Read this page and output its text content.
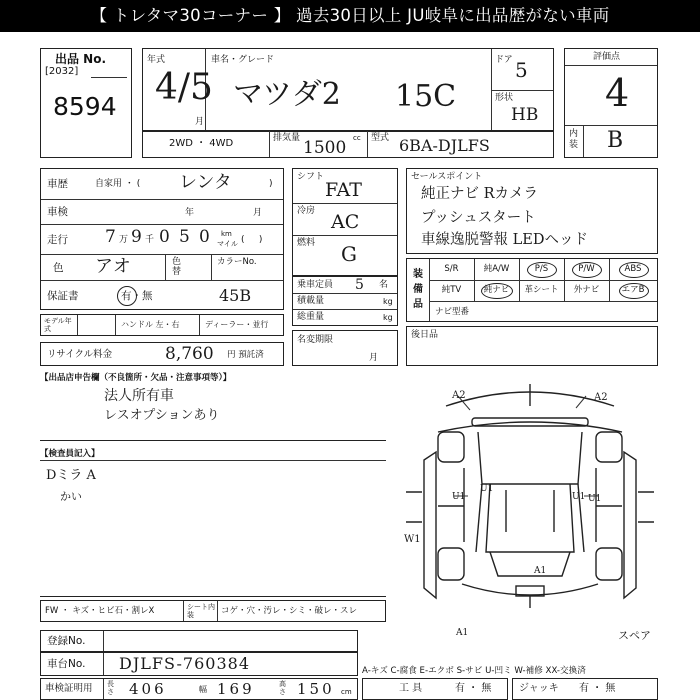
【 トレタマ30コーナー 】 過去30日以上 JU岐阜に出品歴がない車両
出品 No.
[2032]
8594
年式
4/5
月
車名・グレード
マツダ2 15C
ドア 5
形状
HB
評価点
4
内装 B
2WD ・ 4WD	排気量	cc
1500	型式 6BA-DJLFS
車歴	自家用 ・ ( レンタ	)
車検	年	月
走行 7 万 9 千 0 5 0 km
マイル (     )
色 アオ	色替
カラーNo.
45B
保証書	有・無
モデル年式	ハンドル 左・右	ディーラー・並行
リサイクル料金	8,760 円 預託済
シフト
FAT
冷房 AC
燃料 G
乗車定員 5 名
積載量	kg
総重量	kg
名変期限
月
セールスポイント
純正ナビ Rカメラ
プッシュスタート
車線逸脱警報 LEDヘッド
装備品
S/R	純A/W	P/S	P/W	ABS
純TV	純ナビ	革シート	外ナビ	エアB
ナビ型番
後日品
【出品店申告欄（不良箇所・欠品・注意事項等）】
法人所有車
レスオプションあり
【検査員記入】
Dミラ A
かい
A2	A2
U1
U1
U1 U1
W1
A1
A1	スペア
FW ・ キズ・ヒビ石・割レX	シート内装	コゲ・穴・汚レ・シミ・破レ・スレ
登録No.
車台No. DJLFS-760384
車検証明用 長さ 406	幅 169	高さ 150 cm
A-キズ C-腐食 E-エクボ S-サビ U-凹ミ W-補修 XX-交換済
工 具	有 ・ 無	ジャッキ 有 ・ 無
